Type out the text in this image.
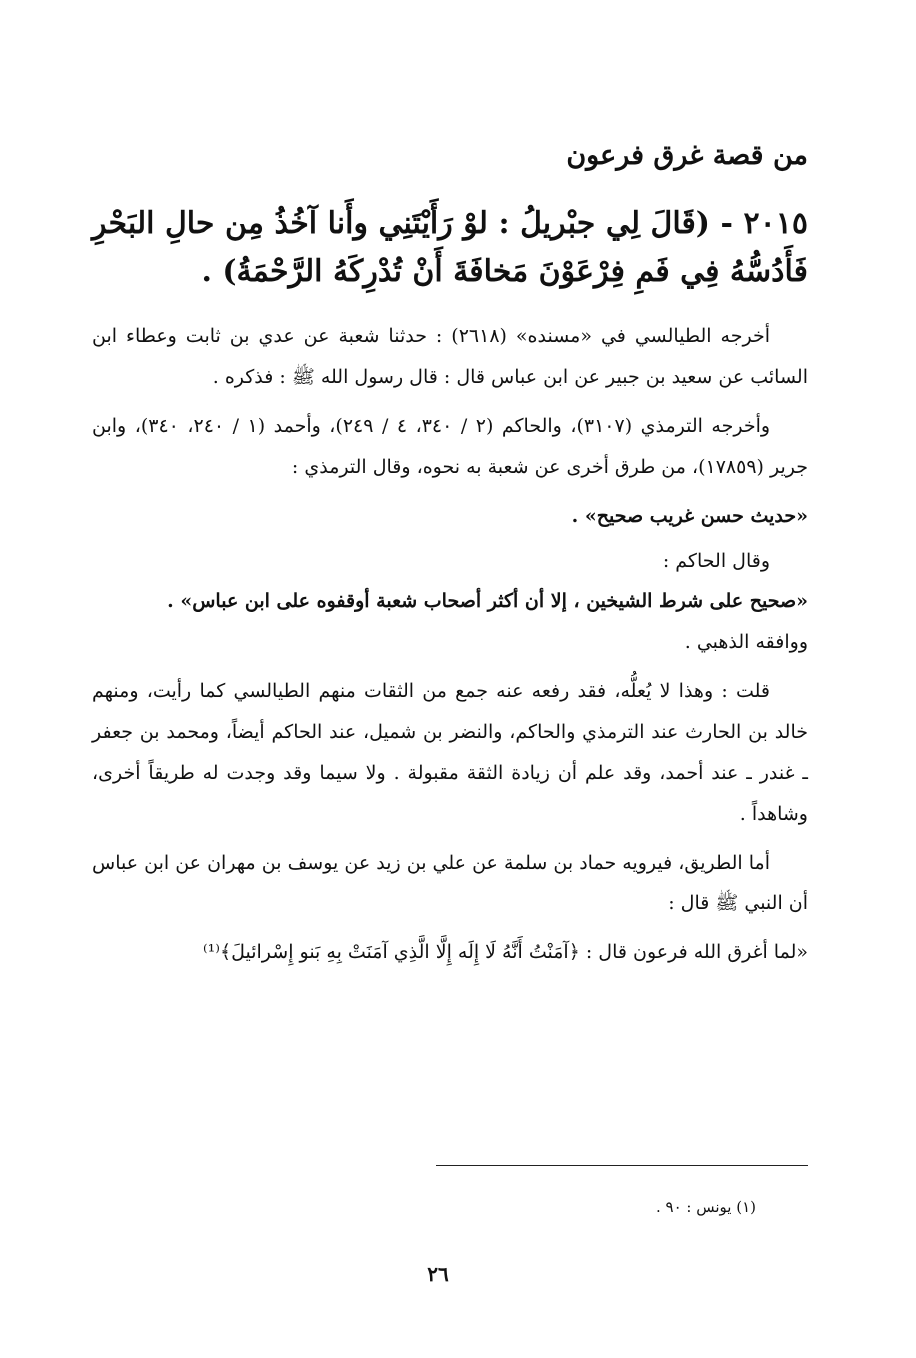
من قصة غرق فرعون

٢٠١٥ - (قَالَ لِي جبْريلُ : لوْ رَأَيْتَنِي وأَنا آخُذُ مِن حالِ البَحْرِ فَأَدُسُّهُ فِي فَمِ فِرْعَوْنَ مَخافَةَ أَنْ تُدْرِكَهُ الرَّحْمَةُ) .

أخرجه الطيالسي في «مسنده» (٢٦١٨) : حدثنا شعبة عن عدي بن ثابت وعطاء ابن السائب عن سعيد بن جبير عن ابن عباس قال : قال رسول الله ﷺ : فذكره .

وأخرجه الترمذي (٣١٠٧)، والحاكم (٢ / ٣٤٠، ٤ / ٢٤٩)، وأحمد (١ / ٢٤٠، ٣٤٠)، وابن جرير (١٧٨٥٩)، من طرق أخرى عن شعبة به نحوه، وقال الترمذي :

«حديث حسن غريب صحيح» .

وقال الحاكم :

«صحيح على شرط الشيخين ، إلا أن أكثر أصحاب شعبة أوقفوه على ابن عباس» .

ووافقه الذهبي .

قلت : وهذا لا يُعلُّه، فقد رفعه عنه جمع من الثقات منهم الطيالسي كما رأيت، ومنهم خالد بن الحارث عند الترمذي والحاكم، والنضر بن شميل، عند الحاكم أيضاً، ومحمد بن جعفر ـ غندر ـ عند أحمد، وقد علم أن زيادة الثقة مقبولة . ولا سيما وقد وجدت له طريقاً أخرى، وشاهداً .

أما الطريق، فيرويه حماد بن سلمة عن علي بن زيد عن يوسف بن مهران عن ابن عباس أن النبي ﷺ قال :

«لما أغرق الله فرعون قال : ﴿آمَنْتُ أَنَّهُ لَا إِلَه إِلَّا الَّذِي آمَنَتْ بِهِ بَنو إِسْرائيلَ﴾⁽¹⁾

(١) يونس : ٩٠ .
٢٦
